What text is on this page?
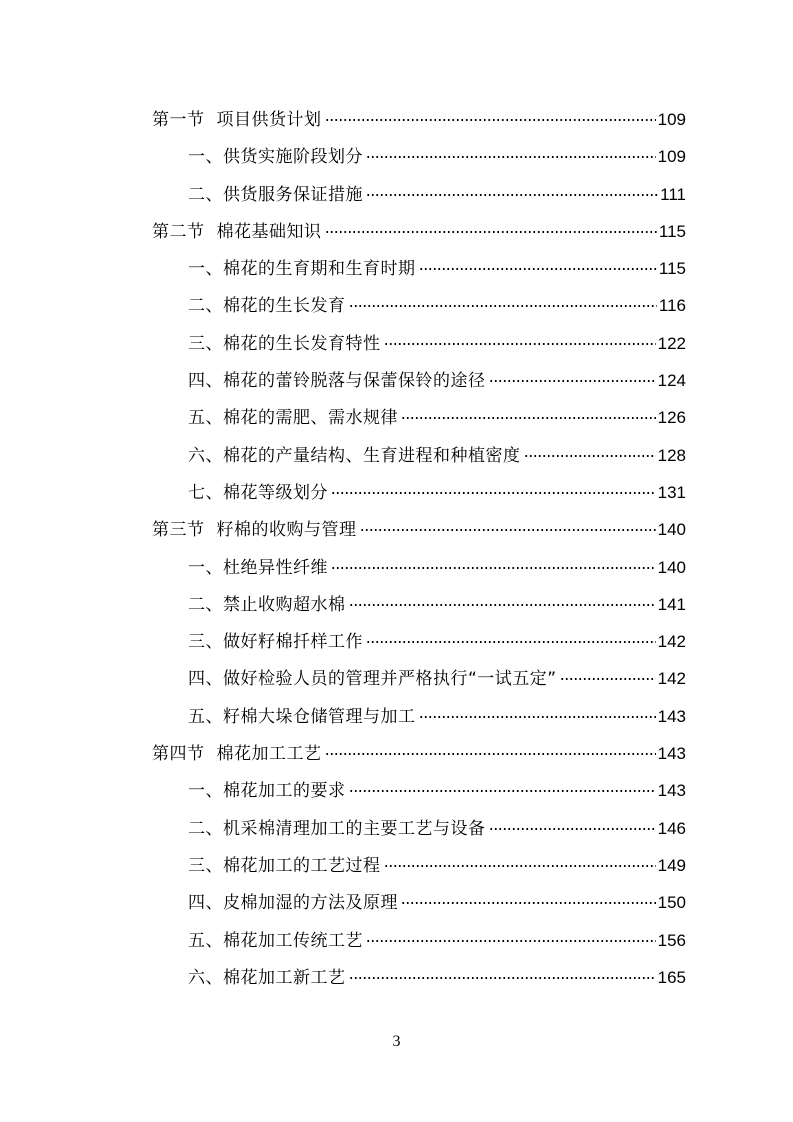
第一节 项目供货计划	109
一、供货实施阶段划分	109
二、供货服务保证措施	111
第二节 棉花基础知识	115
一、棉花的生育期和生育时期	115
二、棉花的生长发育	116
三、棉花的生长发育特性	122
四、棉花的蕾铃脱落与保蕾保铃的途径	124
五、棉花的需肥、需水规律	126
六、棉花的产量结构、生育进程和种植密度	128
七、棉花等级划分	131
第三节 籽棉的收购与管理	140
一、杜绝异性纤维	140
二、禁止收购超水棉	141
三、做好籽棉扦样工作	142
四、做好检验人员的管理并严格执行“一试五定”	142
五、籽棉大垛仓储管理与加工	143
第四节 棉花加工工艺	143
一、棉花加工的要求	143
二、机采棉清理加工的主要工艺与设备	146
三、棉花加工的工艺过程	149
四、皮棉加湿的方法及原理	150
五、棉花加工传统工艺	156
六、棉花加工新工艺	165
3
